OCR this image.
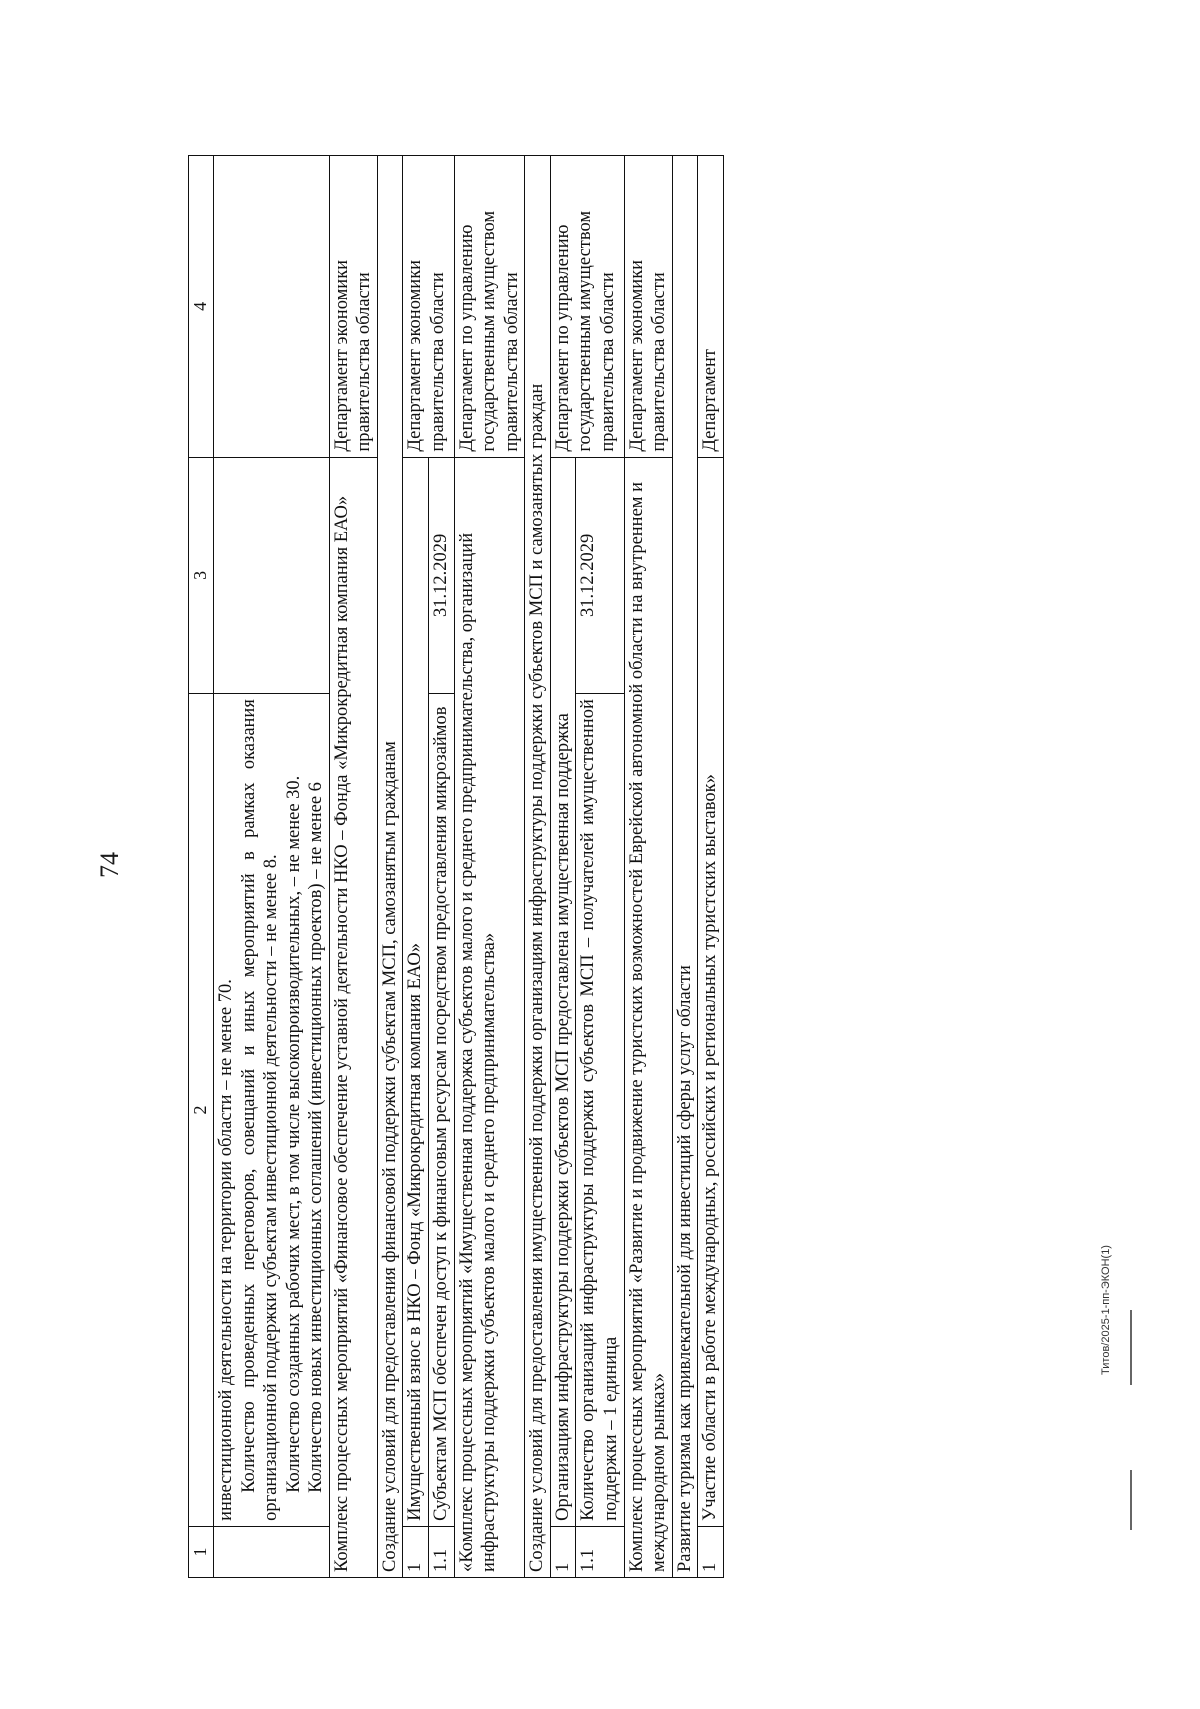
74
1	2	3	4

	инвестиционной деятельности на территории области – не менее 70. Количество проведенных переговоров, совещаний и иных мероприятий в рамках оказания организационной поддержки субъектам инвестиционной деятельности – не менее 8. Количество созданных рабочих мест, в том числе высокопроизводительных, – не менее 30. Количество новых инвестиционных соглашений (инвестиционных проектов) – не менее 6		

Комплекс процессных мероприятий «Финансовое обеспечение уставной деятельности НКО – Фонда «Микрокредитная компания ЕАО»			Департамент экономики правительства области
Создание условий для предоставления финансовой поддержки субъектам МСП, самозанятым гражданам			
1	Имущественный взнос в НКО – Фонд «Микрокредитная компания ЕАО»		Департамент экономики правительства области
1.1	Субъектам МСП обеспечен доступ к финансовым ресурсам посредством предоставления микрозаймов	31.12.2029	
«Комплекс процессных мероприятий «Имущественная поддержка субъектов малого и среднего предпринимательства, организаций инфраструктуры поддержки субъектов малого и среднего предпринимательства»			Департамент по управлению государственным имуществом правительства области
Создание условий для предоставления имущественной поддержки организациям инфраструктуры поддержки субъектов МСП и самозанятых граждан			
1	Организациям инфраструктуры поддержки субъектов МСП предоставлена имущественная поддержка		Департамент по управлению государственным имуществом правительства области
1.1	Количество организаций инфраструктуры поддержки субъектов МСП – получателей имущественной поддержки – 1 единица	31.12.2029	
Комплекс процессных мероприятий «Развитие и продвижение туристских возможностей Еврейской автономной области на внутреннем и международном рынках»			Департамент экономики правительства области
Развитие туризма как привлекательной для инвестиций сферы услуг области			
1	Участие области в работе международных, российских и региональных туристских выставок»		Департамент
Титов/2025-1-пп-ЭКОН(1)
